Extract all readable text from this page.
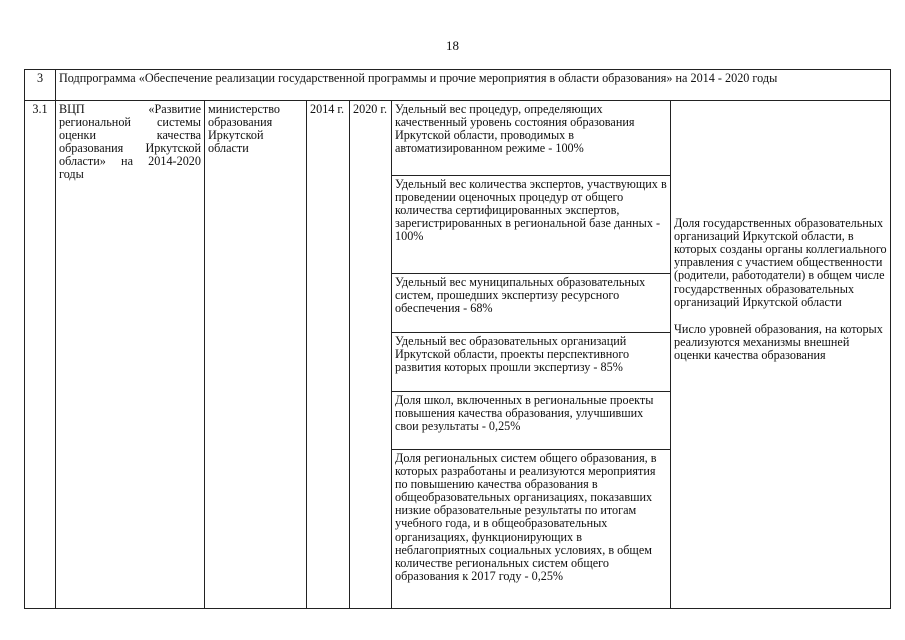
18
3	Подпрограмма «Обеспечение реализации государственной программы и прочие мероприятия в области образования» на 2014 - 2020 годы					
3.1	ВЦП «Развитие региональной системы оценки качества образования Иркутской области» на 2014-2020 годы	министерство образования Иркутской области	2014 г.	2020 г.	Удельный вес процедур, определяющих качественный уровень состояния образования Иркутской области, проводимых в автоматизированном режиме - 100%	Доля государственных образовательных организаций Иркутской области, в которых созданы органы коллегиального управления с участием общественности (родители, работодатели) в общем числе государственных образовательных организаций Иркутской области
Число уровней образования, на которых реализуются механизмы внешней оценки качества образования

					Удельный вес количества экспертов, участвующих в проведении оценочных процедур от общего количества сертифицированных экспертов, зарегистрированных в региональной базе данных - 100%	
					Удельный вес муниципальных образовательных систем, прошедших экспертизу ресурсного обеспечения - 68%	
					Удельный вес образовательных организаций Иркутской области, проекты перспективного развития которых прошли экспертизу - 85%	
					Доля школ, включенных в региональные проекты повышения качества образования, улучшивших свои результаты - 0,25%	
					Доля региональных систем общего образования, в которых разработаны и реализуются мероприятия по повышению качества образования в общеобразовательных организациях, показавших низкие образовательные результаты по итогам учебного года, и в общеобразовательных организациях, функционирующих в неблагоприятных социальных условиях, в общем количестве региональных систем общего образования к 2017 году - 0,25%	
